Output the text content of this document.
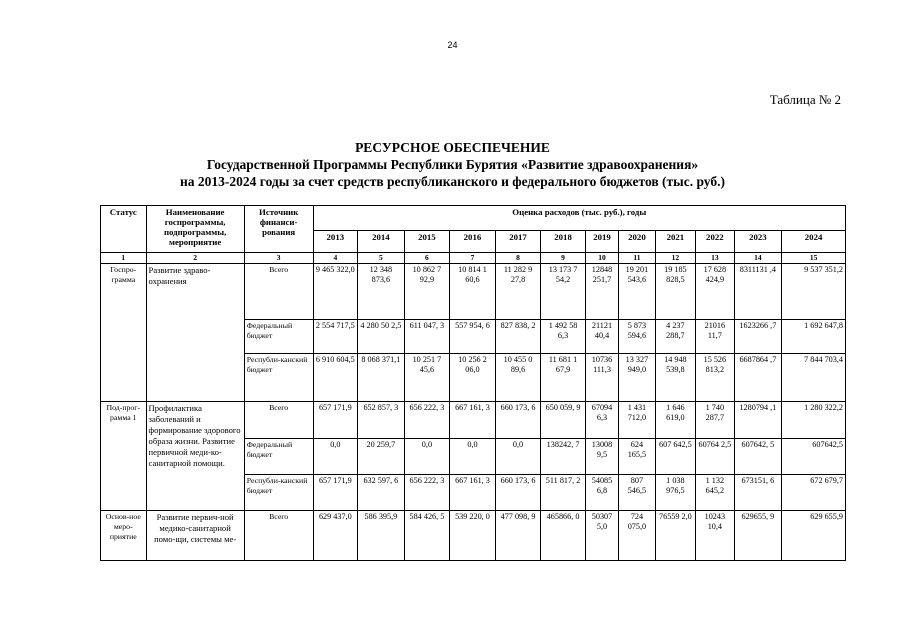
24
Таблица № 2
РЕСУРСНОЕ ОБЕСПЕЧЕНИЕ
Государственной Программы Республики Бурятия «Развитие здравоохранения»
на 2013-2024 годы за счет средств республиканского и федерального бюджетов (тыс. руб.)
Статус	Наименование госпрограммы, подпрограммы, мероприятие	Источник финанси-рования	Оценка расходов (тыс. руб.), годы											
			2013	2014	2015	2016	2017	2018	2019	2020	2021	2022	2023	2024
1	2	3	4	5	6	7	8	9	10	11	12	13	14	15
Госпро-грамма	Развитие здраво-охранения	Всего	9 465 322,0	12 348 873,6	10 862 7 92,9	10 814 1 60,6	11 282 9 27,8	13 173 7 54,2	12848 251,7	19 201 543,6	19 185 828,5	17 628 424,9	8311131 ,4	9 537 351,2
		Федеральный бюджет	2 554 717,5	4 280 50 2,5	611 047, 3	557 954, 6	827 838, 2	1 492 58 6,3	21121 40,4	5 873 594,6	4 237 288,7	21016 11,7	1623266 ,7	1 692 647,8
		Республи-канский бюджет	6 910 604,5	8 068 371,1	10 251 7 45,6	10 256 2 06,0	10 455 0 89,6	11 681 1 67,9	10736 111,3	13 327 949,0	14 948 539,8	15 526 813,2	6687864 ,7	7 844 703,4
Под-прог-рамма 1	Профилактика заболеваний и формирование здорового образа жизни. Развитие первичной меди-ко-санитарной помощи.	Всего	657 171,9	652 857, 3	656 222, 3	667 161, 3	660 173, 6	650 059, 9	67094 6,3	1 431 712,0	1 646 619,0	1 740 287,7	1280794 ,1	1 280 322,2
		Федеральный бюджет	0,0	20 259,7	0,0	0,0	0,0	138242, 7	13008 9,5	624 165,5	607 642,5	60764 2,5	607642, 5	607642,5
		Республи-канский бюджет	657 171,9	632 597, 6	656 222, 3	667 161, 3	660 173, 6	511 817, 2	54085 6,8	807 546,5	1 038 976,5	1 132 645,2	673151, 6	672 679,7
Основ-ное меро-приятие	Развитие первич-ной медико-санитарной помо-щи, системы ме-	Всего	629 437,0	586 395,9	584 426, 5	539 220, 0	477 098, 9	465866, 0	50307 5,0	724 075,0	76559 2,0	10243 10,4	629655, 9	629 655,9
